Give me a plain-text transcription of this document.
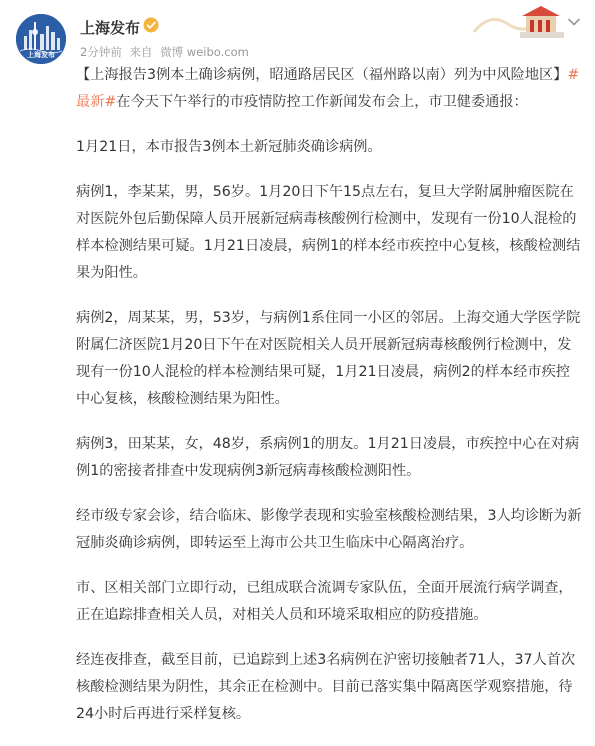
上海发布
上海发布
2分钟前 来自 微博 weibo.com

【上海报告3例本土确诊病例，昭通路居民区（福州路以南）列为中风险地区】#最新#在今天下午举行的市疫情防控工作新闻发布会上，市卫健委通报：

1月21日，本市报告3例本土新冠肺炎确诊病例。

病例1，李某某，男，56岁。1月20日下午15点左右，复旦大学附属肿瘤医院在对医院外包后勤保障人员开展新冠病毒核酸例行检测中，发现有一份10人混检的样本检测结果可疑。1月21日凌晨，病例1的样本经市疾控中心复核，核酸检测结果为阳性。

病例2，周某某，男，53岁，与病例1系住同一小区的邻居。上海交通大学医学院附属仁济医院1月20日下午在对医院相关人员开展新冠病毒核酸例行检测中，发现有一份10人混检的样本检测结果可疑，1月21日凌晨，病例2的样本经市疾控中心复核，核酸检测结果为阳性。

病例3，田某某，女，48岁，系病例1的朋友。1月21日凌晨，市疾控中心在对病例1的密接者排查中发现病例3新冠病毒核酸检测阳性。

经市级专家会诊，结合临床、影像学表现和实验室核酸检测结果，3人均诊断为新冠肺炎确诊病例，即转运至上海市公共卫生临床中心隔离治疗。

市、区相关部门立即行动，已组成联合流调专家队伍，全面开展流行病学调查，正在追踪排查相关人员，对相关人员和环境采取相应的防疫措施。

经连夜排查，截至目前，已追踪到上述3名病例在沪密切接触者71人，37人首次核酸检测结果为阴性，其余正在检测中。目前已落实集中隔离医学观察措施，待24小时后再进行采样复核。
